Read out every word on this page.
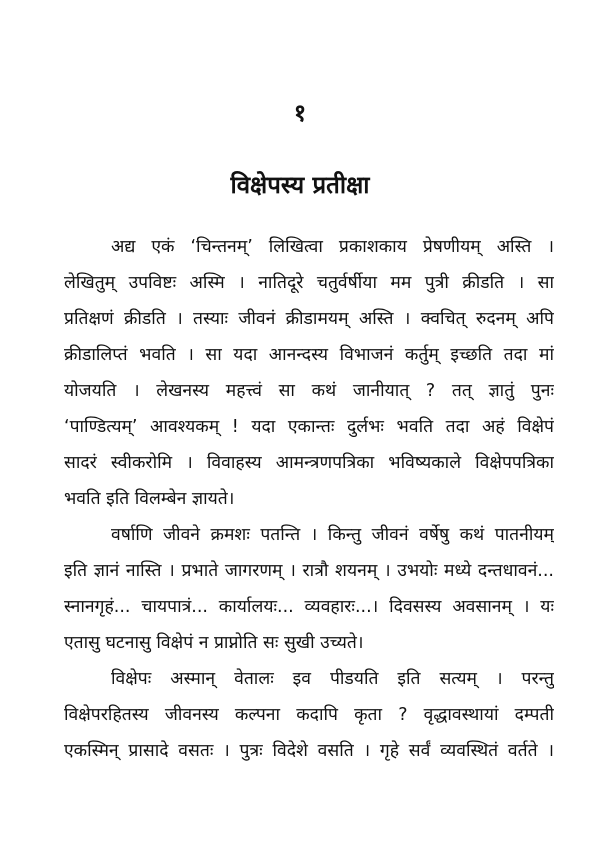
१
विक्षेपस्य प्रतीक्षा

अद्य एकं ‘चिन्तनम्’ लिखित्वा प्रकाशकाय प्रेषणीयम् अस्ति ।
लेखितुम् उपविष्टः अस्मि । नातिदूरे चतुर्वर्षीया मम पुत्री क्रीडति । सा
प्रतिक्षणं क्रीडति । तस्याः जीवनं क्रीडामयम् अस्ति । क्वचित् रुदनम् अपि
क्रीडालिप्तं भवति । सा यदा आनन्दस्य विभाजनं कर्तुम् इच्छति तदा मां
योजयति । लेखनस्य महत्त्वं सा कथं जानीयात् ? तत् ज्ञातुं पुनः
‘पाण्डित्यम्’ आवश्यकम् ! यदा एकान्तः दुर्लभः भवति तदा अहं विक्षेपं
सादरं स्वीकरोमि । विवाहस्य आमन्त्रणपत्रिका भविष्यकाले विक्षेपपत्रिका
भवति इति विलम्बेन ज्ञायते।

वर्षाणि जीवने क्रमशः पतन्ति । किन्तु जीवनं वर्षेषु कथं पातनीयम्
इति ज्ञानं नास्ति । प्रभाते जागरणम् । रात्रौ शयनम् । उभयोः मध्ये दन्तधावनं...
स्नानगृहं... चायपात्रं... कार्यालयः... व्यवहारः...। दिवसस्य अवसानम् । यः
एतासु घटनासु विक्षेपं न प्राप्नोति सः सुखी उच्यते।

विक्षेपः अस्मान् वेतालः इव पीडयति इति सत्यम् । परन्तु
विक्षेपरहितस्य जीवनस्य कल्पना कदापि कृता ? वृद्धावस्थायां दम्पती
एकस्मिन् प्रासादे वसतः । पुत्रः विदेशे वसति । गृहे सर्वं व्यवस्थितं वर्तते ।
